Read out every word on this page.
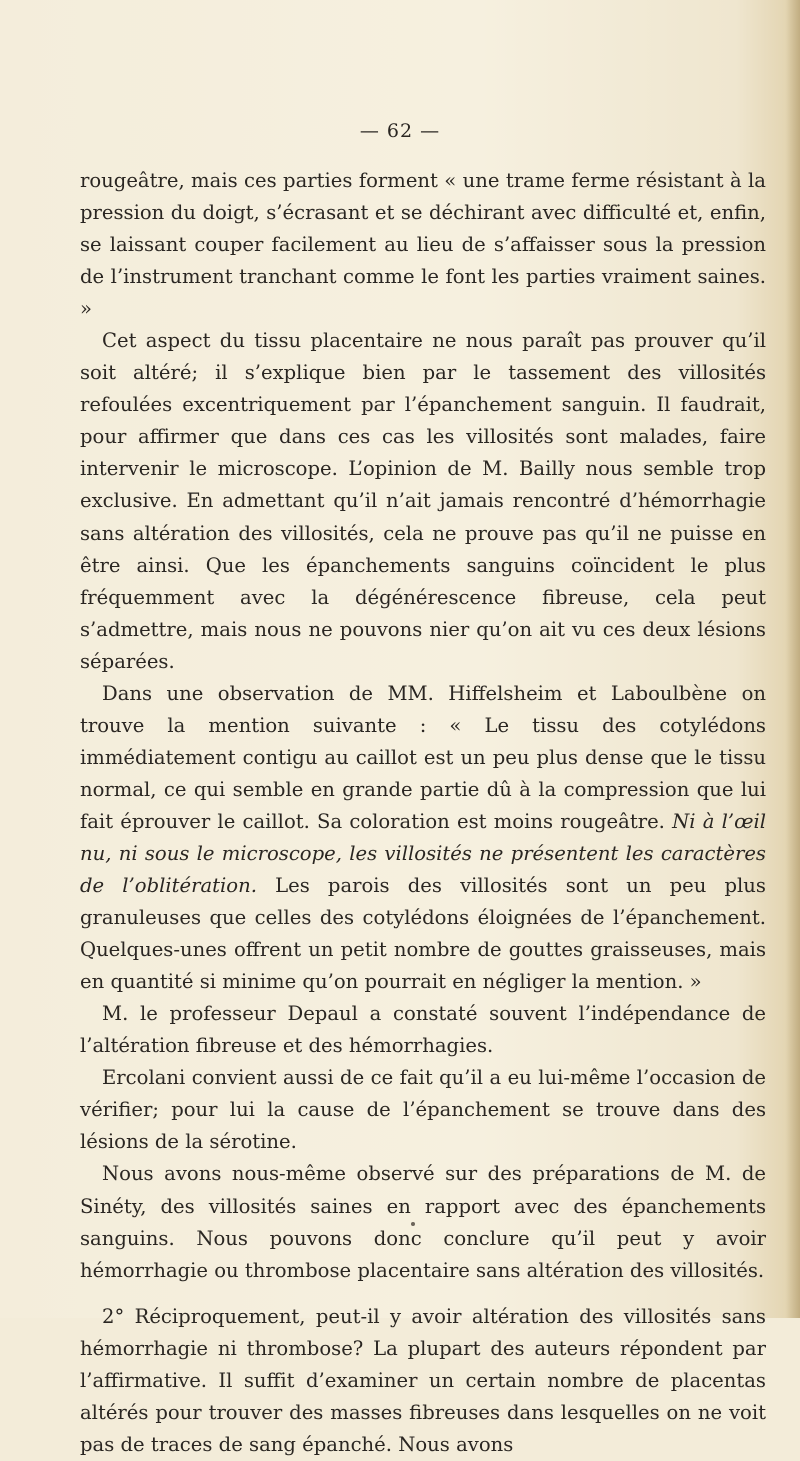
— 62 —

rougeâtre, mais ces parties forment « une trame ferme résistant à la pression du doigt, s’écrasant et se déchirant avec difficulté et, enfin, se laissant couper facilement au lieu de s’affaisser sous la pression de l’instrument tranchant comme le font les parties vraiment saines. »

Cet aspect du tissu placentaire ne nous paraît pas prouver qu’il soit altéré; il s’explique bien par le tassement des villosités refoulées excentriquement par l’épanchement sanguin. Il faudrait, pour affirmer que dans ces cas les villosités sont malades, faire intervenir le microscope. L’opinion de M. Bailly nous semble trop exclusive. En admettant qu’il n’ait jamais rencontré d’hémorrhagie sans altération des villosités, cela ne prouve pas qu’il ne puisse en être ainsi. Que les épanchements sanguins coïncident le plus fréquemment avec la dégénérescence fibreuse, cela peut s’admettre, mais nous ne pouvons nier qu’on ait vu ces deux lésions séparées.

Dans une observation de MM. Hiffelsheim et Laboulbène on trouve la mention suivante : « Le tissu des cotylédons immédiatement contigu au caillot est un peu plus dense que le tissu normal, ce qui semble en grande partie dû à la compression que lui fait éprouver le caillot. Sa coloration est moins rougeâtre. Ni à l’œil nu, ni sous le microscope, les villosités ne présentent les caractères de l’oblitération. Les parois des villosités sont un peu plus granuleuses que celles des cotylédons éloignées de l’épanchement. Quelques-unes offrent un petit nombre de gouttes graisseuses, mais en quantité si minime qu’on pourrait en négliger la mention. »

M. le professeur Depaul a constaté souvent l’indépendance de l’altération fibreuse et des hémorrhagies.

Ercolani convient aussi de ce fait qu’il a eu lui-même l’occasion de vérifier; pour lui la cause de l’épanchement se trouve dans des lésions de la sérotine.

Nous avons nous-même observé sur des préparations de M. de Sinéty, des villosités saines en rapport avec des épanchements sanguins. Nous pouvons donc conclure qu’il peut y avoir hémorrhagie ou thrombose placentaire sans altération des villosités.

2° Réciproquement, peut-il y avoir altération des villosités sans hémorrhagie ni thrombose? La plupart des auteurs répondent par l’affirmative. Il suffit d’examiner un certain nombre de placentas altérés pour trouver des masses fibreuses dans lesquelles on ne voit pas de traces de sang épanché. Nous avons
